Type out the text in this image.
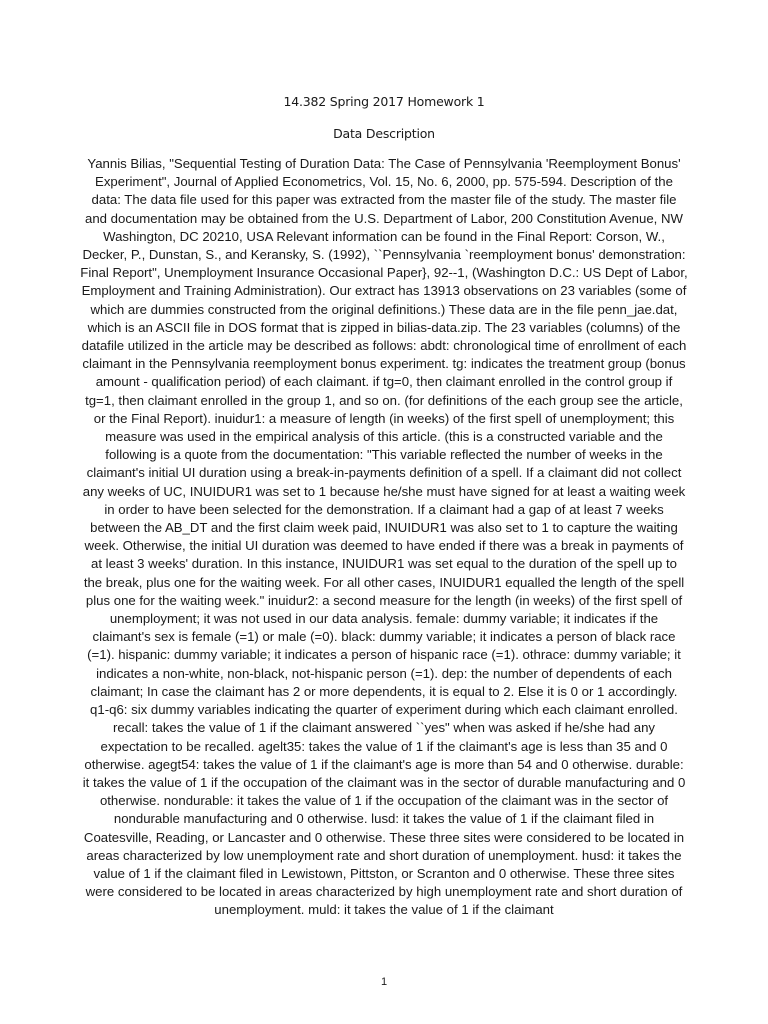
14.382 Spring 2017 Homework 1
Data Description

Yannis Bilias, "Sequential Testing of Duration Data: The Case of Pennsylvania 'Reemployment Bonus' Experiment", Journal of Applied Econometrics, Vol. 15, No. 6, 2000, pp. 575-594. Description of the data: The data file used for this paper was extracted from the master file of the study. The master file and documentation may be obtained from the U.S. Department of Labor, 200 Constitution Avenue, NW Washington, DC 20210, USA Relevant information can be found in the Final Report: Corson, W., Decker, P., Dunstan, S., and Keransky, S. (1992), ``Pennsylvania `reemployment bonus' demonstration: Final Report", Unemployment Insurance Occasional Paper}, 92--1, (Washington D.C.: US Dept of Labor, Employment and Training Administration). Our extract has 13913 observations on 23 variables (some of which are dummies constructed from the original definitions.) These data are in the file penn_jae.dat, which is an ASCII file in DOS format that is zipped in bilias-data.zip. The 23 variables (columns) of the datafile utilized in the article may be described as follows: abdt: chronological time of enrollment of each claimant in the Pennsylvania reemployment bonus experiment. tg: indicates the treatment group (bonus amount - qualification period) of each claimant. if tg=0, then claimant enrolled in the control group if tg=1, then claimant enrolled in the group 1, and so on. (for definitions of the each group see the article, or the Final Report). inuidur1: a measure of length (in weeks) of the first spell of unemployment; this measure was used in the empirical analysis of this article. (this is a constructed variable and the following is a quote from the documentation: "This variable reflected the number of weeks in the claimant's initial UI duration using a break-in-payments definition of a spell. If a claimant did not collect any weeks of UC, INUIDUR1 was set to 1 because he/she must have signed for at least a waiting week in order to have been selected for the demonstration. If a claimant had a gap of at least 7 weeks between the AB_DT and the first claim week paid, INUIDUR1 was also set to 1 to capture the waiting week. Otherwise, the initial UI duration was deemed to have ended if there was a break in payments of at least 3 weeks' duration. In this instance, INUIDUR1 was set equal to the duration of the spell up to the break, plus one for the waiting week. For all other cases, INUIDUR1 equalled the length of the spell plus one for the waiting week." inuidur2: a second measure for the length (in weeks) of the first spell of unemployment; it was not used in our data analysis. female: dummy variable; it indicates if the claimant's sex is female (=1) or male (=0). black: dummy variable; it indicates a person of black race (=1). hispanic: dummy variable; it indicates a person of hispanic race (=1). othrace: dummy variable; it indicates a non-white, non-black, not-hispanic person (=1). dep: the number of dependents of each claimant; In case the claimant has 2 or more dependents, it is equal to 2. Else it is 0 or 1 accordingly. q1-q6: six dummy variables indicating the quarter of experiment during which each claimant enrolled. recall: takes the value of 1 if the claimant answered ``yes" when was asked if he/she had any expectation to be recalled. agelt35: takes the value of 1 if the claimant's age is less than 35 and 0 otherwise. agegt54: takes the value of 1 if the claimant's age is more than 54 and 0 otherwise. durable: it takes the value of 1 if the occupation of the claimant was in the sector of durable manufacturing and 0 otherwise. nondurable: it takes the value of 1 if the occupation of the claimant was in the sector of nondurable manufacturing and 0 otherwise. lusd: it takes the value of 1 if the claimant filed in Coatesville, Reading, or Lancaster and 0 otherwise. These three sites were considered to be located in areas characterized by low unemployment rate and short duration of unemployment. husd: it takes the value of 1 if the claimant filed in Lewistown, Pittston, or Scranton and 0 otherwise. These three sites were considered to be located in areas characterized by high unemployment rate and short duration of unemployment. muld: it takes the value of 1 if the claimant

1
